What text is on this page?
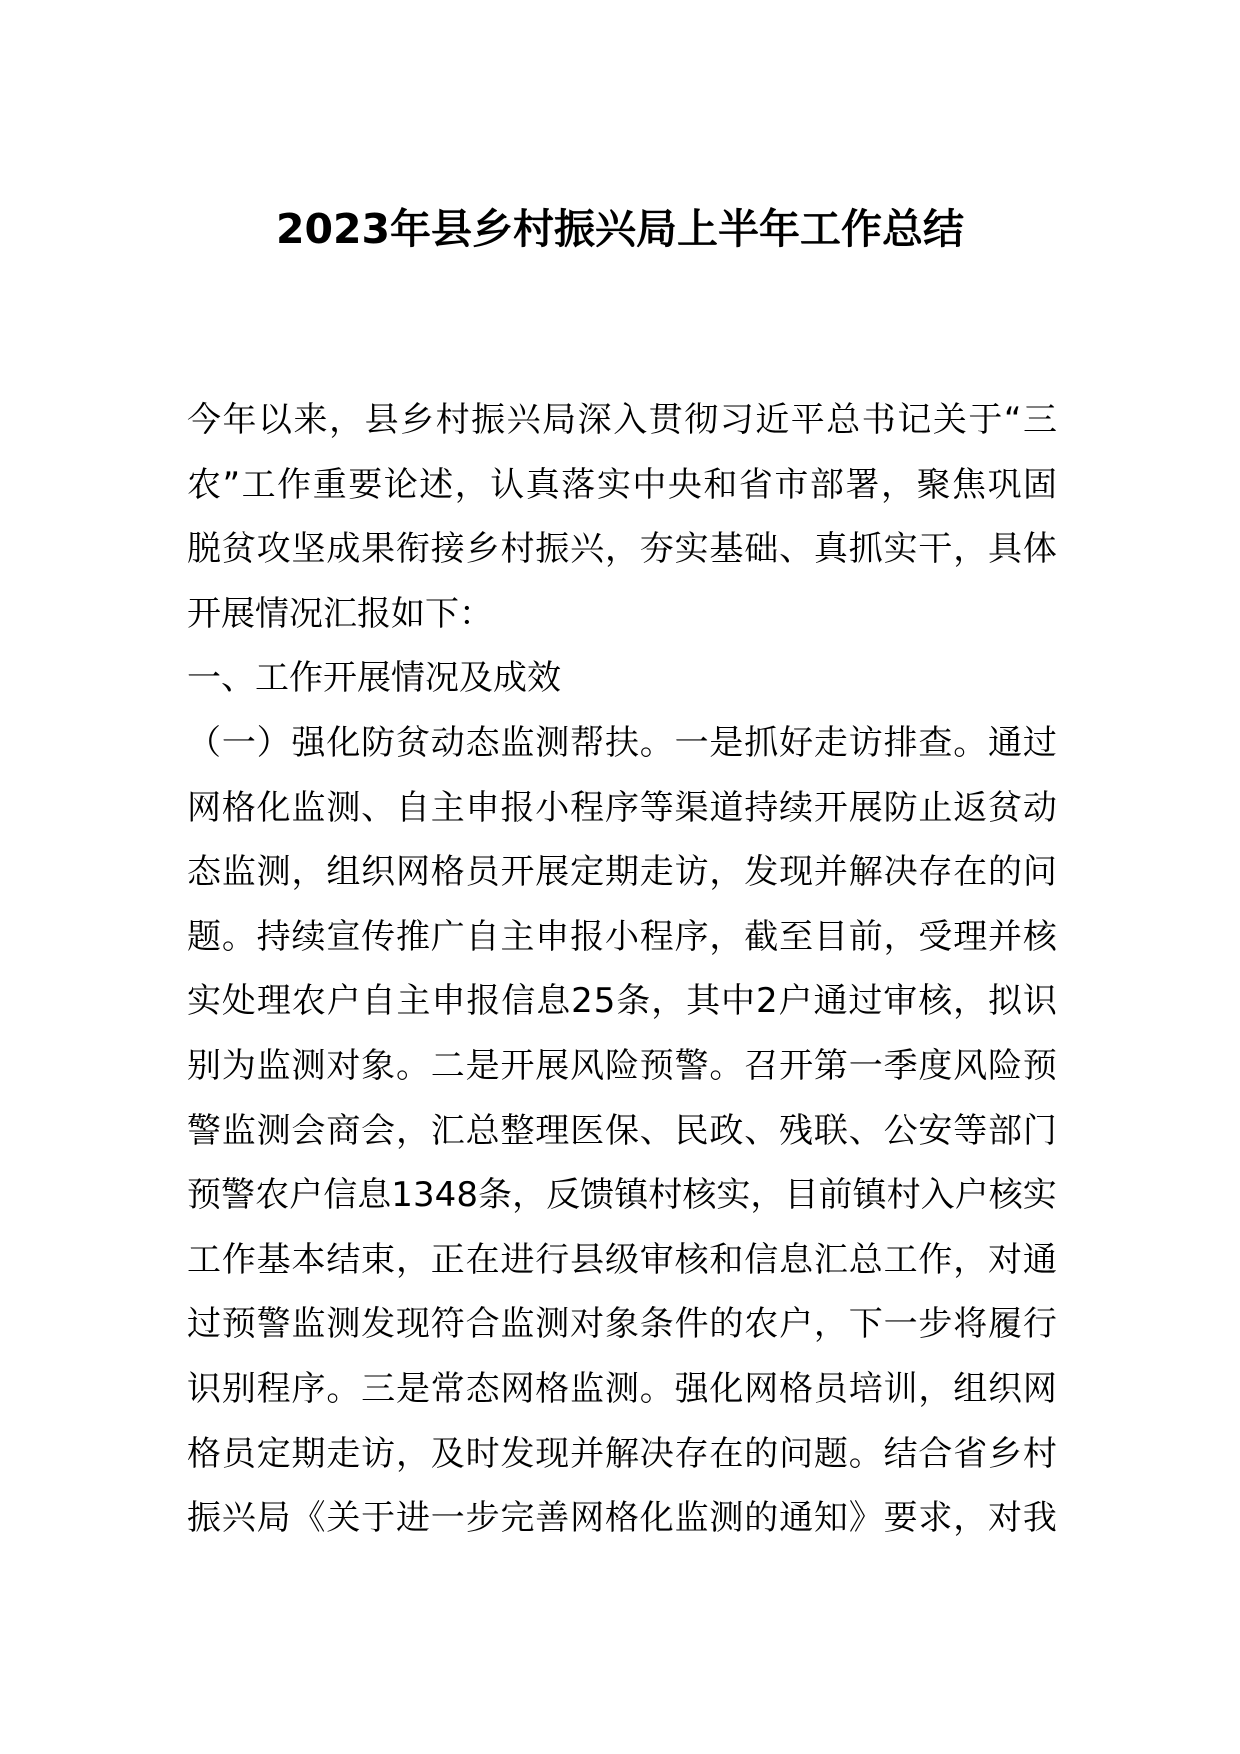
2023年县乡村振兴局上半年工作总结
今 年 以 来 ， 县 乡 村 振 兴 局 深 入 贯 彻 习 近 平 总 书 记 关 于 “ 三
农 ” 工 作 重 要 论 述 ， 认 真 落 实 中 央 和 省 市 部 署 ， 聚 焦 巩 固
脱 贫 攻 坚 成 果 衔 接 乡 村 振 兴 ， 夯 实 基 础 、 真 抓 实 干 ， 具 体
开展情况汇报如下：
一、工作开展情况及成效
（ 一 ） 强 化 防 贫 动 态 监 测 帮 扶 。 一 是 抓 好 走 访 排 查 。 通 过
网 格 化 监 测 、 自 主 申 报 小 程 序 等 渠 道 持 续 开 展 防 止 返 贫 动
态 监 测 ， 组 织 网 格 员 开 展 定 期 走 访 ， 发 现 并 解 决 存 在 的 问
题 。 持 续 宣 传 推 广 自 主 申 报 小 程 序 ， 截 至 目 前 ， 受 理 并 核
实 处 理 农 户 自 主 申 报 信 息 2 5 条 ， 其 中 2 户 通 过 审 核 ， 拟 识
别 为 监 测 对 象 。 二 是 开 展 风 险 预 警 。 召 开 第 一 季 度 风 险 预
警 监 测 会 商 会 ， 汇 总 整 理 医 保 、 民 政 、 残 联 、 公 安 等 部 门
预 警 农 户 信 息 1 3 4 8 条 ， 反 馈 镇 村 核 实 ， 目 前 镇 村 入 户 核 实
工 作 基 本 结 束 ， 正 在 进 行 县 级 审 核 和 信 息 汇 总 工 作 ， 对 通
过 预 警 监 测 发 现 符 合 监 测 对 象 条 件 的 农 户 ， 下 一 步 将 履 行
识 别 程 序 。 三 是 常 态 网 格 监 测 。 强 化 网 格 员 培 训 ， 组 织 网
格 员 定 期 走 访 ， 及 时 发 现 并 解 决 存 在 的 问 题 。 结 合 省 乡 村
振 兴 局 《 关 于 进 一 步 完 善 网 格 化 监 测 的 通 知 》 要 求 ， 对 我
